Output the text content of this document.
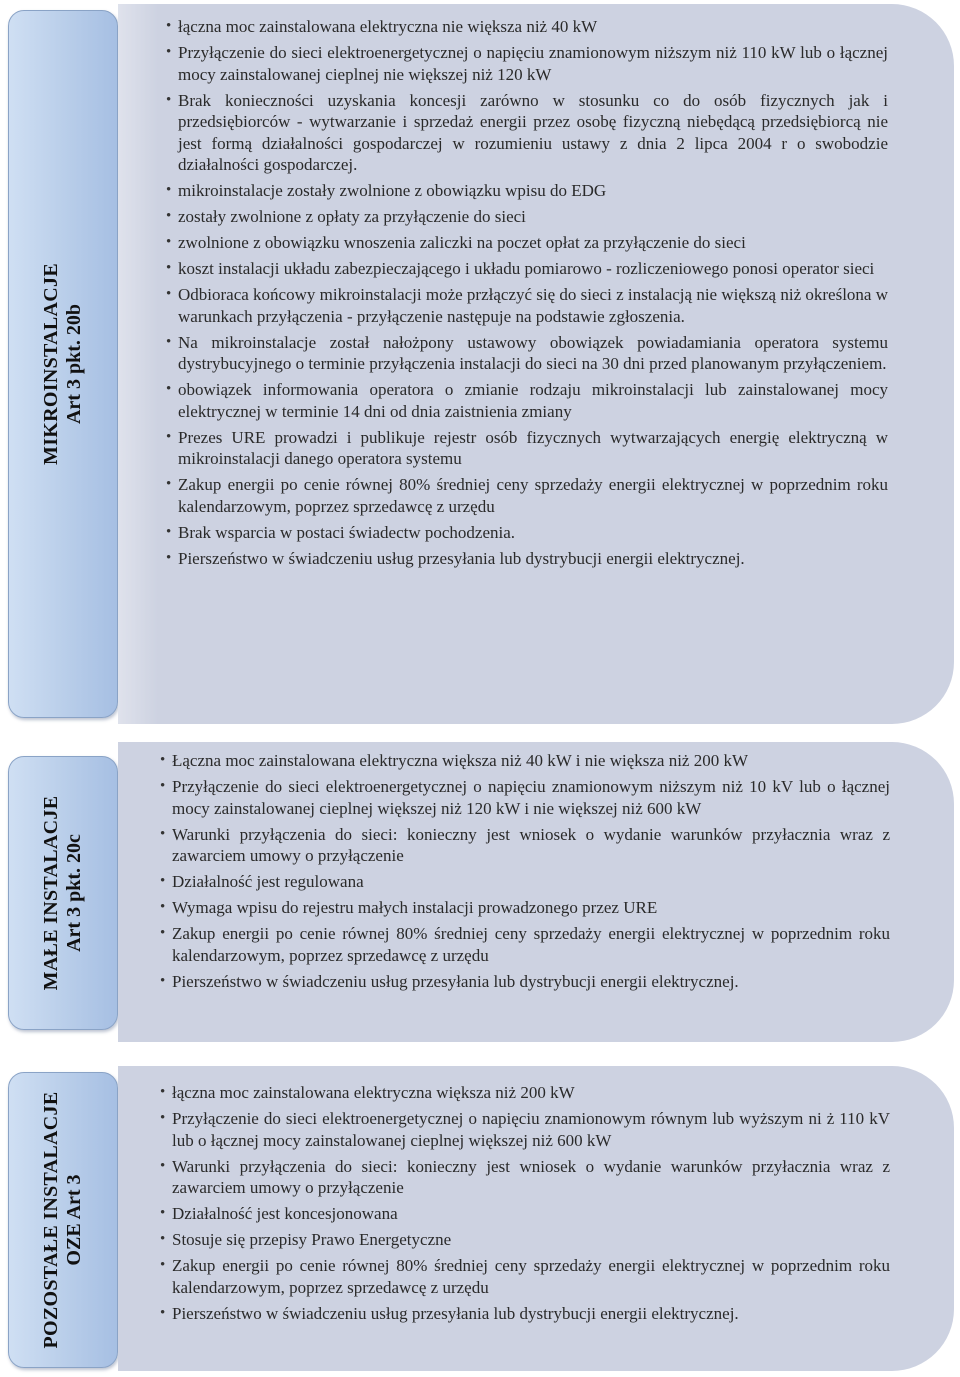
MIKROINSTALACJE Art 3 pkt. 20b
• łączna moc zainstalowana elektryczna nie większa niż 40 kW
• Przyłączenie do sieci elektroenergetycznej o napięciu znamionowym niższym niż 110 kW lub o łącznej mocy zainstalowanej cieplnej nie większej niż 120 kW
• Brak konieczności uzyskania koncesji zarówno w stosunku co do osób fizycznych jak i przedsiębiorców - wytwarzanie i sprzedaż energii przez osobę fizyczną niebędącą przedsiębiorcą nie jest formą działalności gospodarczej w rozumieniu ustawy z dnia 2 lipca 2004 r o swobodzie działalności gospodarczej.
• mikroinstalacje zostały zwolnione z obowiązku wpisu do EDG
• zostały zwolnione z opłaty za przyłączenie do sieci
• zwolnione z obowiązku wnoszenia zaliczki na poczet opłat za przyłączenie do sieci
• koszt instalacji układu zabezpieczającego i układu pomiarowo - rozliczeniowego ponosi operator sieci
• Odbioraca końcowy mikroinstalacji może przłączyć się do sieci z instalacją nie większą niż określona w warunkach przyłączenia - przyłączenie następuje na podstawie zgłoszenia.
• Na mikroinstalacje został nałożpony ustawowy obowiązek powiadamiania operatora systemu dystrybucyjnego o terminie przyłączenia instalacji do sieci na 30 dni przed planowanym przyłączeniem.
• obowiązek informowania operatora o zmianie rodzaju mikroinstalacji lub zainstalowanej mocy elektrycznej w terminie 14 dni od dnia zaistnienia zmiany
• Prezes URE prowadzi i publikuje rejestr osób fizycznych wytwarzających energię elektryczną w mikroinstalacji danego operatora systemu
• Zakup energii po cenie równej 80% średniej ceny sprzedaży energii elektrycznej w poprzednim roku kalendarzowym, poprzez sprzedawcę z urzędu
• Brak wsparcia w postaci świadectw pochodzenia.
• Pierszeństwo w świadczeniu usług przesyłania lub dystrybucji energii elektrycznej.
MAŁE INSTALACJE Art 3 pkt. 20c
• Łączna moc zainstalowana elektryczna większa niż 40 kW i nie większa niż 200 kW
• Przyłączenie do sieci elektroenergetycznej o napięciu znamionowym niższym niż 10 kV lub o łącznej mocy zainstalowanej cieplnej większej niż 120 kW i nie większej niż 600 kW
• Warunki przyłączenia do sieci: konieczny jest wniosek o wydanie warunków przyłacznia wraz z zawarciem umowy o przyłączenie
• Działalność jest regulowana
• Wymaga wpisu do rejestru małych instalacji prowadzonego przez URE
• Zakup energii po cenie równej 80% średniej ceny sprzedaży energii elektrycznej w poprzednim roku kalendarzowym, poprzez sprzedawcę z urzędu
• Pierszeństwo w świadczeniu usług przesyłania lub dystrybucji energii elektrycznej.
POZOSTAŁE INSTALACJE OZE Art 3
• łączna moc zainstalowana elektryczna większa niż 200 kW
• Przyłączenie do sieci elektroenergetycznej o napięciu znamionowym równym lub wyższym ni ż 110 kV lub o łącznej mocy zainstalowanej cieplnej większej niż 600 kW
• Warunki przyłączenia do sieci: konieczny jest wniosek o wydanie warunków przyłacznia wraz z zawarciem umowy o przyłączenie
• Działalność jest koncesjonowana
• Stosuje się przepisy Prawo Energetyczne
• Zakup energii po cenie równej 80% średniej ceny sprzedaży energii elektrycznej w poprzednim roku kalendarzowym, poprzez sprzedawcę z urzędu
• Pierszeństwo w świadczeniu usług przesyłania lub dystrybucji energii elektrycznej.
